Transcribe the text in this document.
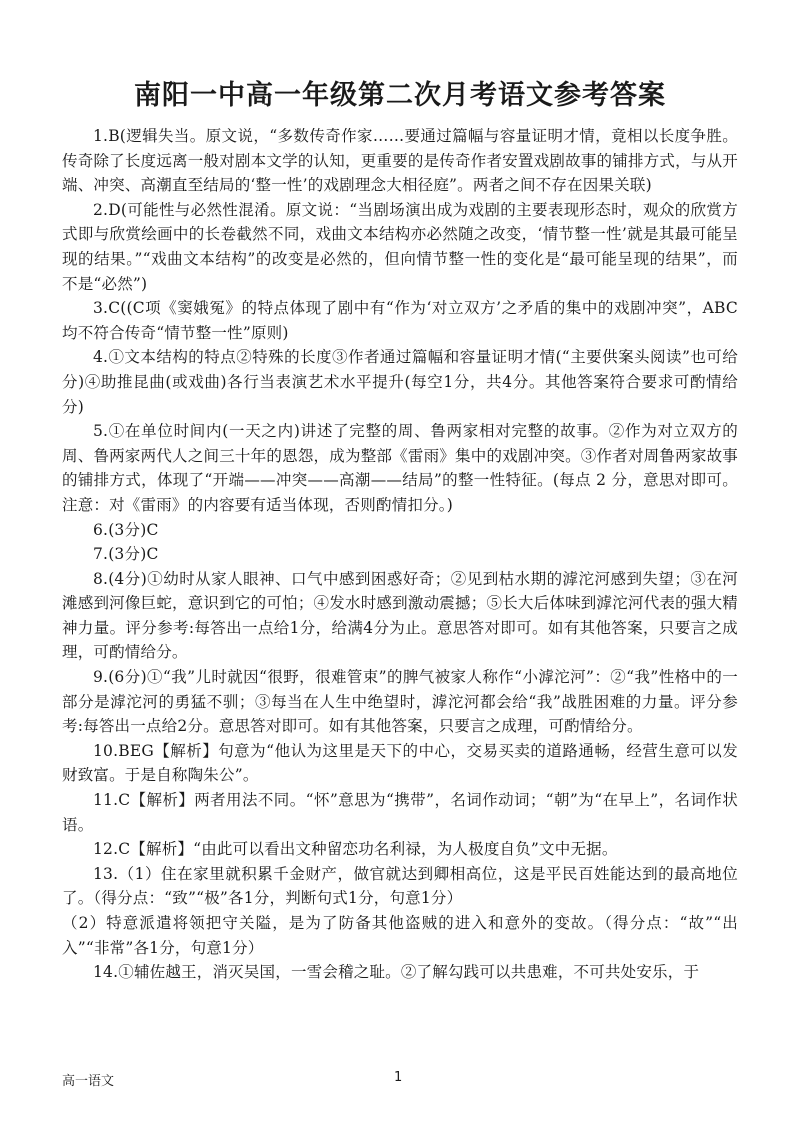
南阳一中高一年级第二次月考语文参考答案

1.B(逻辑失当。原文说，“多数传奇作家……要通过篇幅与容量证明才情，竟相以长度争胜。传奇除了长度远离一般对剧本文学的认知，更重要的是传奇作者安置戏剧故事的铺排方式，与从开端、冲突、高潮直至结局的‘整一性’的戏剧理念大相径庭”。两者之间不存在因果关联)

2.D(可能性与必然性混淆。原文说：“当剧场演出成为戏剧的主要表现形态时，观众的欣赏方式即与欣赏绘画中的长卷截然不同，戏曲文本结构亦必然随之改变，‘情节整一性’就是其最可能呈现的结果。”“戏曲文本结构”的改变是必然的，但向情节整一性的变化是“最可能呈现的结果”，而不是“必然”)

3.C((C项《窦娥冤》的特点体现了剧中有“作为‘对立双方’之矛盾的集中的戏剧冲突”，ABC均不符合传奇“情节整一性”原则)

4.①文本结构的特点②特殊的长度③作者通过篇幅和容量证明才情(“主要供案头阅读”也可给分)④助推昆曲(或戏曲)各行当表演艺术水平提升(每空1分，共4分。其他答案符合要求可酌情给分)

5.①在单位时间内(一天之内)讲述了完整的周、鲁两家相对完整的故事。②作为对立双方的周、鲁两家两代人之间三十年的恩怨，成为整部《雷雨》集中的戏剧冲突。③作者对周鲁两家故事的铺排方式，体现了“开端——冲突——高潮——结局”的整一性特征。(每点 2 分，意思对即可。注意：对《雷雨》的内容要有适当体现，否则酌情扣分。)

6.(3分)C

7.(3分)C

8.(4分)①幼时从家人眼神、口气中感到困惑好奇；②见到枯水期的滹沱河感到失望；③在河滩感到河像巨蛇，意识到它的可怕；④发水时感到激动震撼；⑤长大后体味到滹沱河代表的强大精神力量。评分参考:每答出一点给1分，给满4分为止。意思答对即可。如有其他答案，只要言之成理，可酌情给分。

9.(6分)①“我”儿时就因“很野，很难管束”的脾气被家人称作“小滹沱河”：②“我”性格中的一部分是滹沱河的勇猛不驯；③每当在人生中绝望时，滹沱河都会给“我”战胜困难的力量。评分参考:每答出一点给2分。意思答对即可。如有其他答案，只要言之成理，可酌情给分。

10.BEG【解析】句意为“他认为这里是天下的中心，交易买卖的道路通畅，经营生意可以发财致富。于是自称陶朱公”。

11.C【解析】两者用法不同。“怀”意思为“携带”，名词作动词；“朝”为“在早上”，名词作状语。

12.C【解析】“由此可以看出文种留恋功名利禄，为人极度自负”文中无据。

13.（1）住在家里就积累千金财产，做官就达到卿相高位，这是平民百姓能达到的最高地位了。（得分点：“致”“极”各1分，判断句式1分，句意1分）

（2）特意派遣将领把守关隘，是为了防备其他盗贼的进入和意外的变故。（得分点：“故”“出入”“非常”各1分，句意1分）

14.①辅佐越王，消灭吴国，一雪会稽之耻。②了解勾践可以共患难，不可共处安乐，于

高一语文	1
